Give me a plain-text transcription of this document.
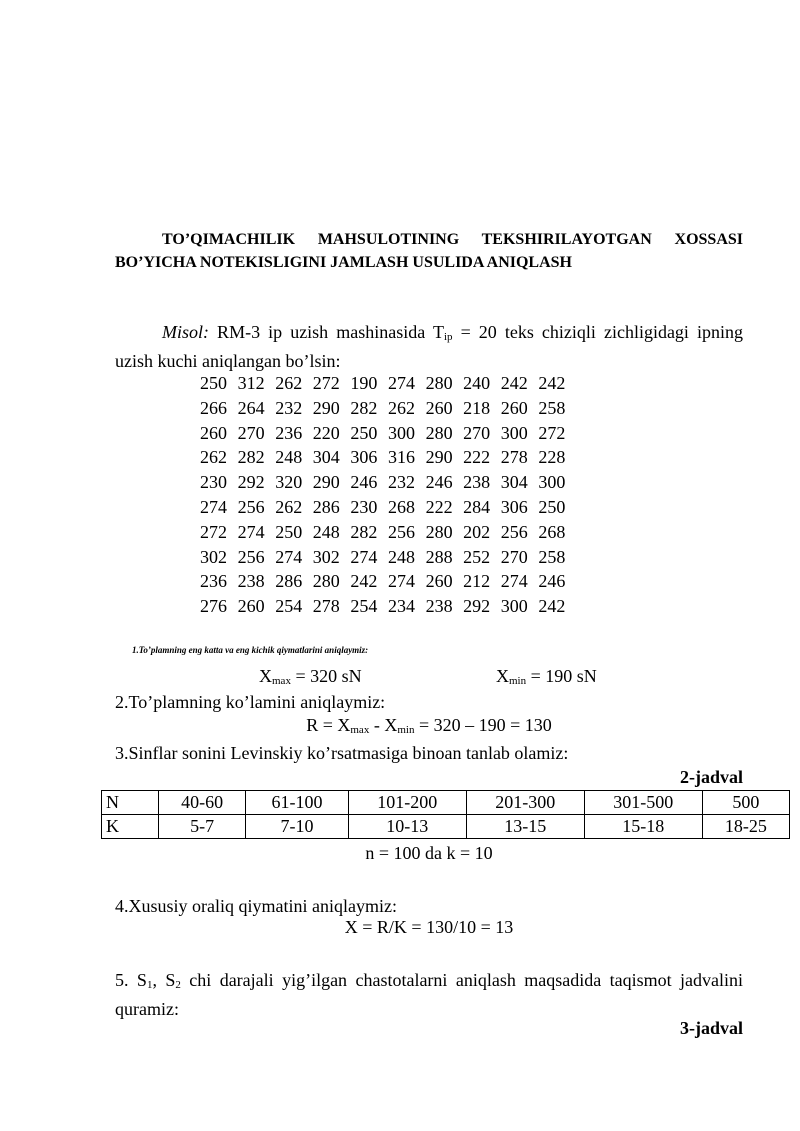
TO’QIMACHILIK MAHSULOTINING TEKSHIRILAYOTGAN XOSSASI
BO’YICHA NOTEKISLIGINI JAMLASH USULIDA ANIQLASH
Misol: RM-3 ip uzish mashinasida $T_{ip} = 20$ teks chiziqli zichligidagi ipning
uzish kuchi aniqlangan bo’lsin:
250 312 262 272 190 274 280 240 242 242
266 264 232 290 282 262 260 218 260 258
260 270 236 220 250 300 280 270 300 272
262 282 248 304 306 316 290 222 278 228
230 292 320 290 246 232 246 238 304 300
274 256 262 286 230 268 222 284 306 250
272 274 250 248 282 256 280 202 256 268
302 256 274 302 274 248 288 252 270 258
236 238 286 280 242 274 260 212 274 246
276 260 254 278 254 234 238 292 300 242
1.To’plamning eng katta va eng kichik qiymatlarini aniqlaymiz:
$X_{max} = 320$ sN	$X_{min} = 190$ sN
2.To’plamning ko’lamini aniqlaymiz:
$R = X_{max} - X_{min} = 320 - 190 = 130$
3.Sinflar sonini Levinskiy ko’rsatmasiga binoan tanlab olamiz:
2-jadval
N	40-60	61-100	101-200	201-300	301-500	500
K	5-7	7-10	10-13	13-15	15-18	18-25
n = 100 da k = 10
4.Xususiy oraliq qiymatini aniqlaymiz:
X = R/K = 130/10 = 13
5. $S_1$, $S_2$ chi darajali yig’ilgan chastotalarni aniqlash maqsadida taqismot jadvalini
quramiz:
3-jadval
